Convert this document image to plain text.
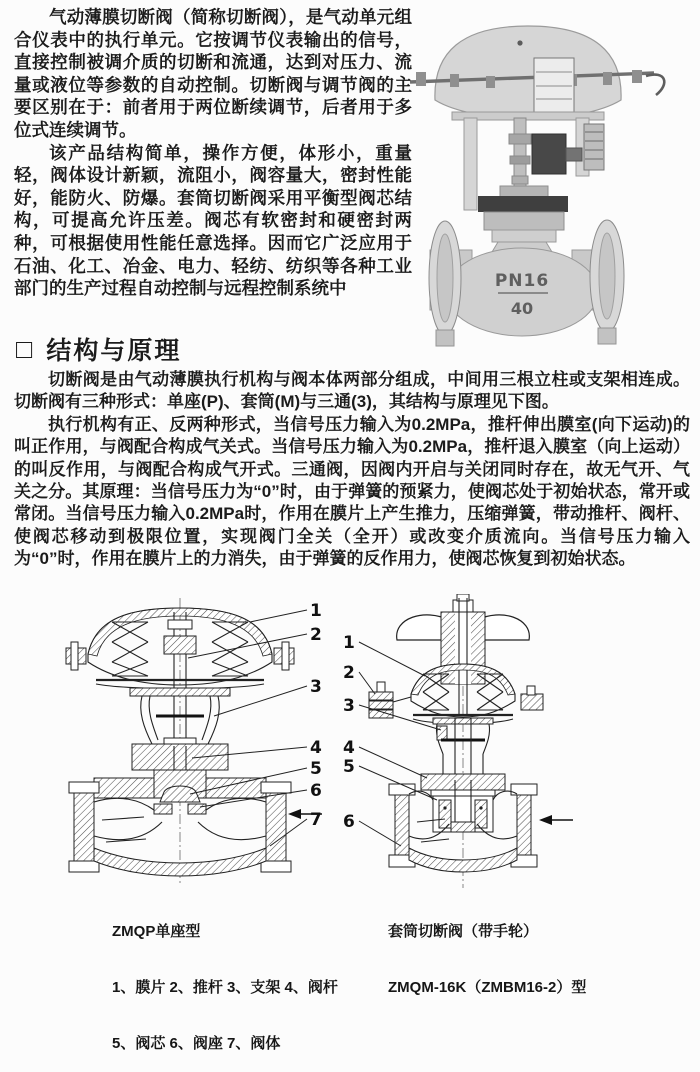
气动薄膜切断阀（简称切断阀），是气动单元组合仪表中的执行单元。它按调节仪表输出的信号，直接控制被调介质的切断和流通，达到对压力、流量或液位等参数的自动控制。切断阀与调节阀的主要区别在于：前者用于两位断续调节，后者用于多位式连续调节。

该产品结构简单，操作方便，体形小，重量轻，阀体设计新颖，流阻小，阀容量大，密封性能好，能防火、防爆。套筒切断阀采用平衡型阀芯结构，可提高允许压差。阀芯有软密封和硬密封两种，可根据使用性能任意选择。因而它广泛应用于石油、化工、冶金、电力、轻纺、纺织等各种工业部门的生产过程自动控制与远程控制系统中	PN16
40
□ 结构与原理

切断阀是由气动薄膜执行机构与阀本体两部分组成，中间用三根立柱或支架相连成。切断阀有三种形式：单座(P)、套筒(M)与三通(3)，其结构与原理见下图。

执行机构有正、反两种形式，当信号压力输入为0.2MPa，推杆伸出膜室(向下运动)的叫正作用，与阀配合构成气关式。当信号压力输入为0.2MPa，推杆退入膜室（向上运动）的叫反作用，与阀配合构成气开式。三通阀，因阀内开启与关闭同时存在，故无气开、气关之分。其原理：当信号压力为“0”时，由于弹簧的预紧力，使阀芯处于初始状态，常开或常闭。当信号压力输入0.2MPa时，作用在膜片上产生推力，压缩弹簧，带动推杆、阀杆、使阀芯移动到极限位置，实现阀门全关（全开）或改变介质流向。当信号压力输入为“0”时，作用在膜片上的力消失，由于弹簧的反作用力，使阀芯恢复到初始状态。

1
2
3
4
5
6
7
1
2
3
4
5
6

ZMQP单座型

1、膜片 2、推杆 3、支架 4、阀杆

5、阀芯 6、阀座 7、阀体

套筒切断阀（带手轮）

ZMQM-16K（ZMBM16-2）型
